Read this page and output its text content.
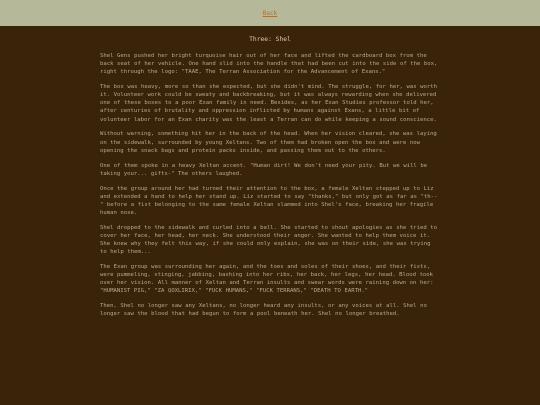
Back
Three: Shel

Shel Gens pushed her bright turquoise hair out of her face and lifted the cardboard box from the back seat of her vehicle. One hand slid into the handle that had been cut into the side of the box, right through the logo: "TAAE, The Terran Association for the Advancement of Exans."

The box was heavy, more so than she expected, but she didn't mind. The struggle, for her, was worth it. Volunteer work could be sweaty and backbreaking, but it was always rewarding when she delivered one of these boxes to a poor Exan family in need. Besides, as her Exan Studies professor told her, after centuries of brutality and oppression inflicted by humans against Exans, a little bit of volunteer labor for an Exan charity was the least a Terran can do while keeping a sound conscience.

Without warning, something hit her in the back of the head. When her vision cleared, she was laying on the sidewalk, surrounded by young Xeltans. Two of them had broken open the box and were now opening the snack bags and protein packs inside, and passing them out to the others.

One of them spoke in a heavy Xeltan accent. "Human dirt! We don't need your pity. But we will be taking your... gifts-" The others laughed.

Once the group around her had turned their attention to the box, a female Xeltan stepped up to Liz and extended a hand to help her stand up. Liz started to say "thanks," but only got as far as "th--" before a fist belonging to the same female Xeltan slammed into Shel's face, breaking her fragile human nose.

Shel dropped to the sidewalk and curled into a ball. She started to shout apologies as she tried to cover her face, her head, her neck. She understood their anger. She wanted to help them voice it. She knew why they felt this way, if she could only explain, she was on their side, she was trying to help them...

The Exan group was surrounding her again, and the toes and soles of their shoes, and their fists, were pummeling, stinging, jabbing, bashing into her ribs, her back, her legs, her head. Blood took over her vision. All manner of Xeltan and Terran insults and swear words were raining down on her: "HUMANIST PIG," "ZA QOXLIRIX," "FUCK HUMANS," "FUCK TERRANS," "DEATH TO EARTH."

Then, Shel no longer saw any Xeltans, no longer heard any insults, or any voices at all. Shel no longer saw the blood that had begun to form a pool beneath her. Shel no longer breathed.
